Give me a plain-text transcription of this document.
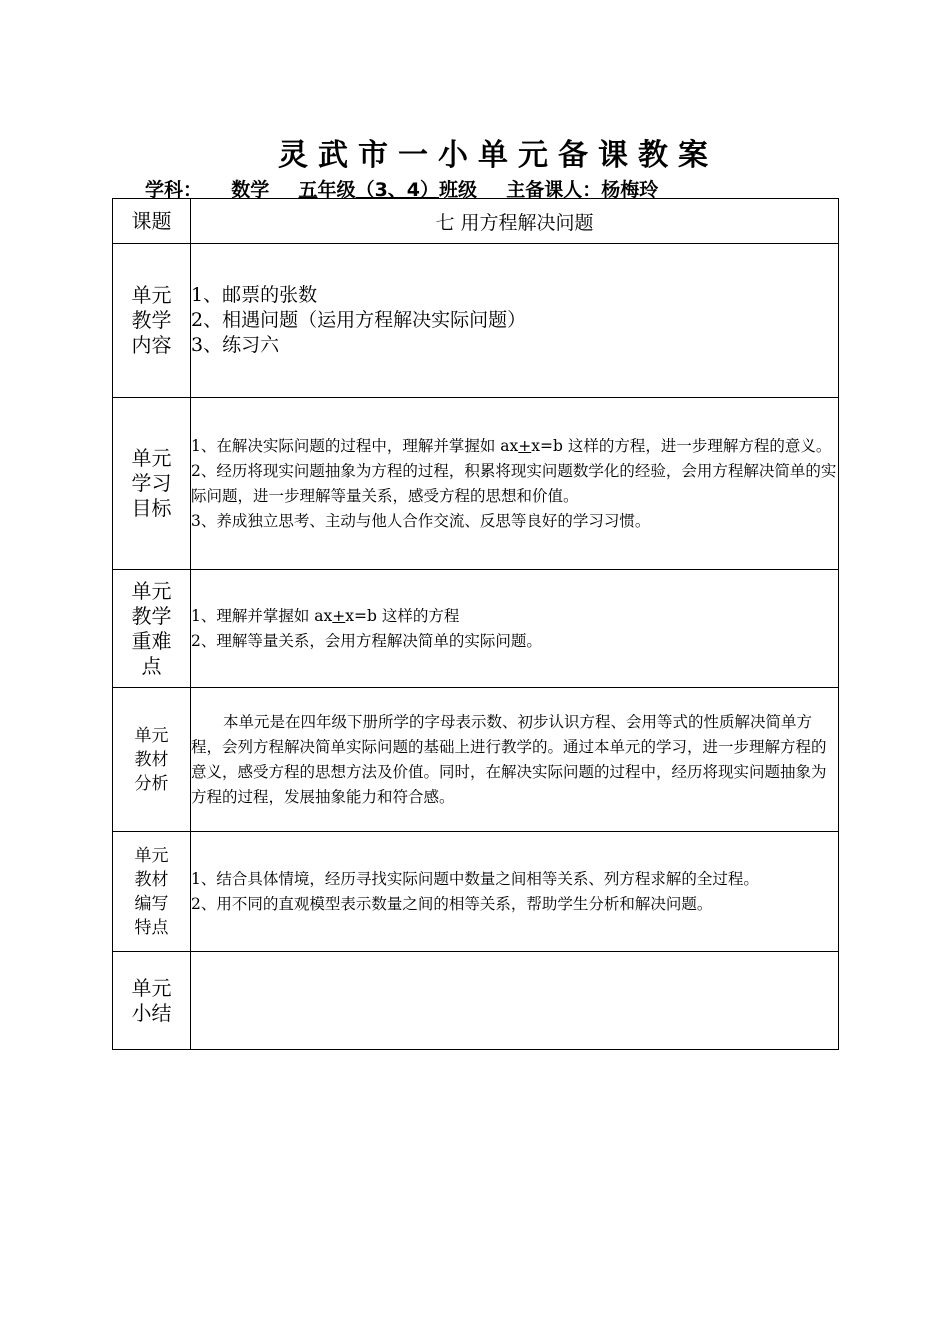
灵武市一小单元备课教案
学科： 数学 五年级（3、4）班级 主备课人：杨梅玲
课题	七 用方程解决问题

单元
教学
内容	1、邮票的张数
2、相遇问题（运用方程解决实际问题）
3、练习六

单元
学习
目标	1、在解决实际问题的过程中，理解并掌握如 ax+x=b 这样的方程，进一步理解方程的意义。
2、经历将现实问题抽象为方程的过程，积累将现实问题数学化的经验，会用方程解决简单的实际问题，进一步理解等量关系，感受方程的思想和价值。
3、养成独立思考、主动与他人合作交流、反思等良好的学习习惯。

单元
教学
重难
点	1、理解并掌握如 ax+x=b 这样的方程
2、理解等量关系，会用方程解决简单的实际问题。

单元
教材
分析	本单元是在四年级下册所学的字母表示数、初步认识方程、会用等式的性质解决简单方程，会列方程解决简单实际问题的基础上进行教学的。通过本单元的学习，进一步理解方程的意义，感受方程的思想方法及价值。同时，在解决实际问题的过程中，经历将现实问题抽象为方程的过程，发展抽象能力和符合感。

单元
教材
编写
特点	1、结合具体情境，经历寻找实际问题中数量之间相等关系、列方程求解的全过程。
2、用不同的直观模型表示数量之间的相等关系，帮助学生分析和解决问题。

单元
小结	
